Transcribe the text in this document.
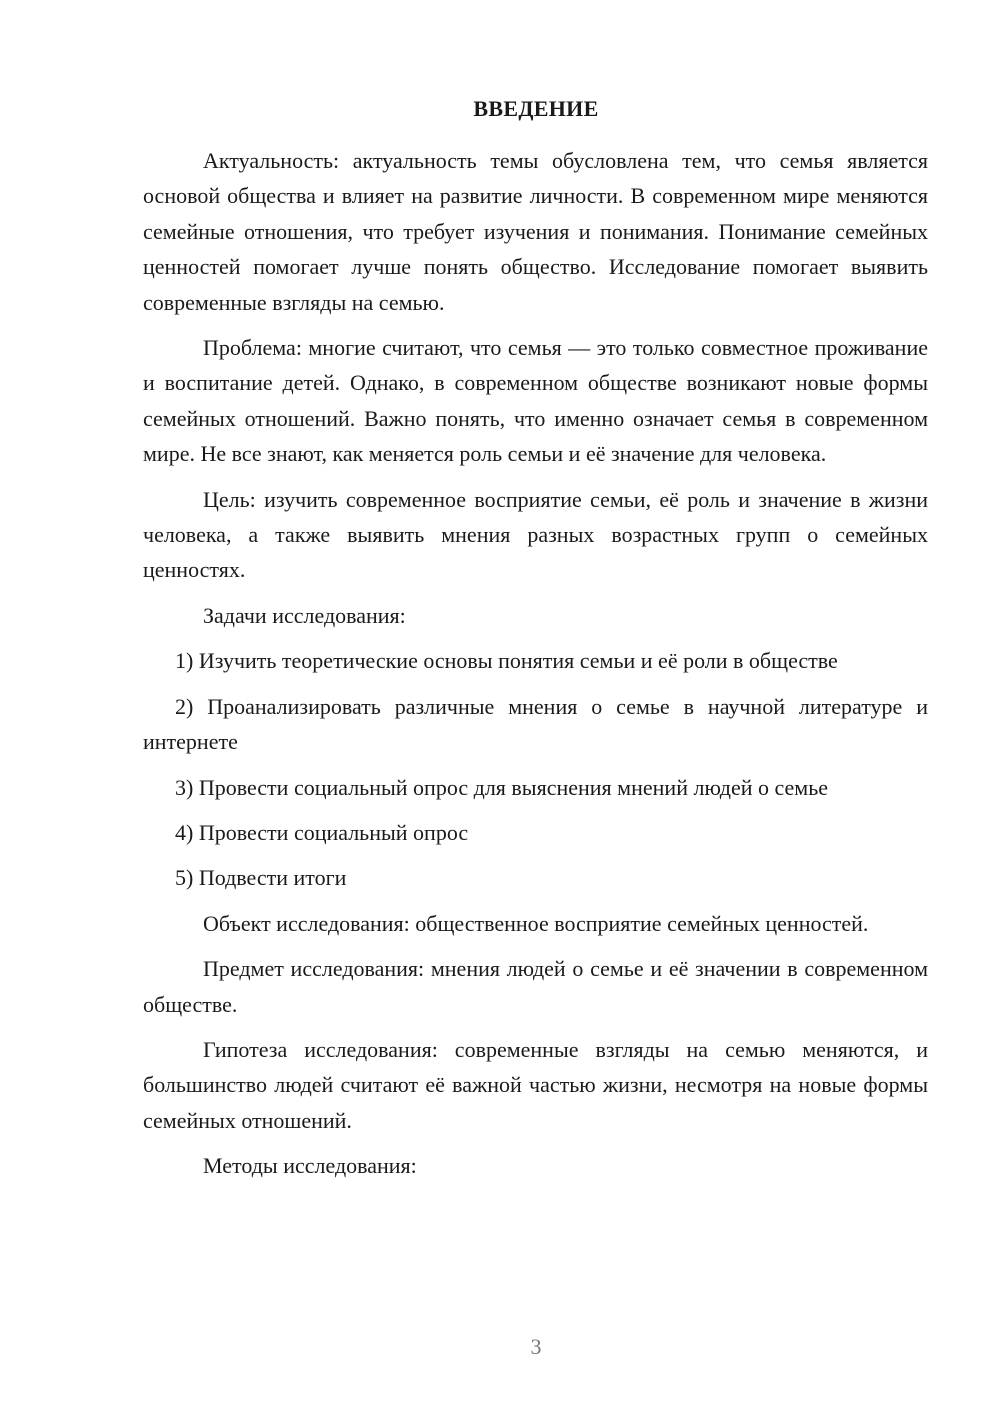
ВВЕДЕНИЕ

Актуальность: актуальность темы обусловлена тем, что семья является основой общества и влияет на развитие личности. В современном мире меняются семейные отношения, что требует изучения и понимания. Понимание семейных ценностей помогает лучше понять общество. Исследование помогает выявить современные взгляды на семью.

Проблема: многие считают, что семья — это только совместное проживание и воспитание детей. Однако, в современном обществе возникают новые формы семейных отношений. Важно понять, что именно означает семья в современном мире. Не все знают, как меняется роль семьи и её значение для человека.

Цель: изучить современное восприятие семьи, её роль и значение в жизни человека, а также выявить мнения разных возрастных групп о семейных ценностях.

Задачи исследования:

1) Изучить теоретические основы понятия семьи и её роли в обществе

2) Проанализировать различные мнения о семье в научной литературе и интернете

3) Провести социальный опрос для выяснения мнений людей о семье

4) Провести социальный опрос

5) Подвести итоги

Объект исследования: общественное восприятие семейных ценностей.

Предмет исследования: мнения людей о семье и её значении в современном обществе.

Гипотеза исследования: современные взгляды на семью меняются, и большинство людей считают её важной частью жизни, несмотря на новые формы семейных отношений.

Методы исследования:

3
